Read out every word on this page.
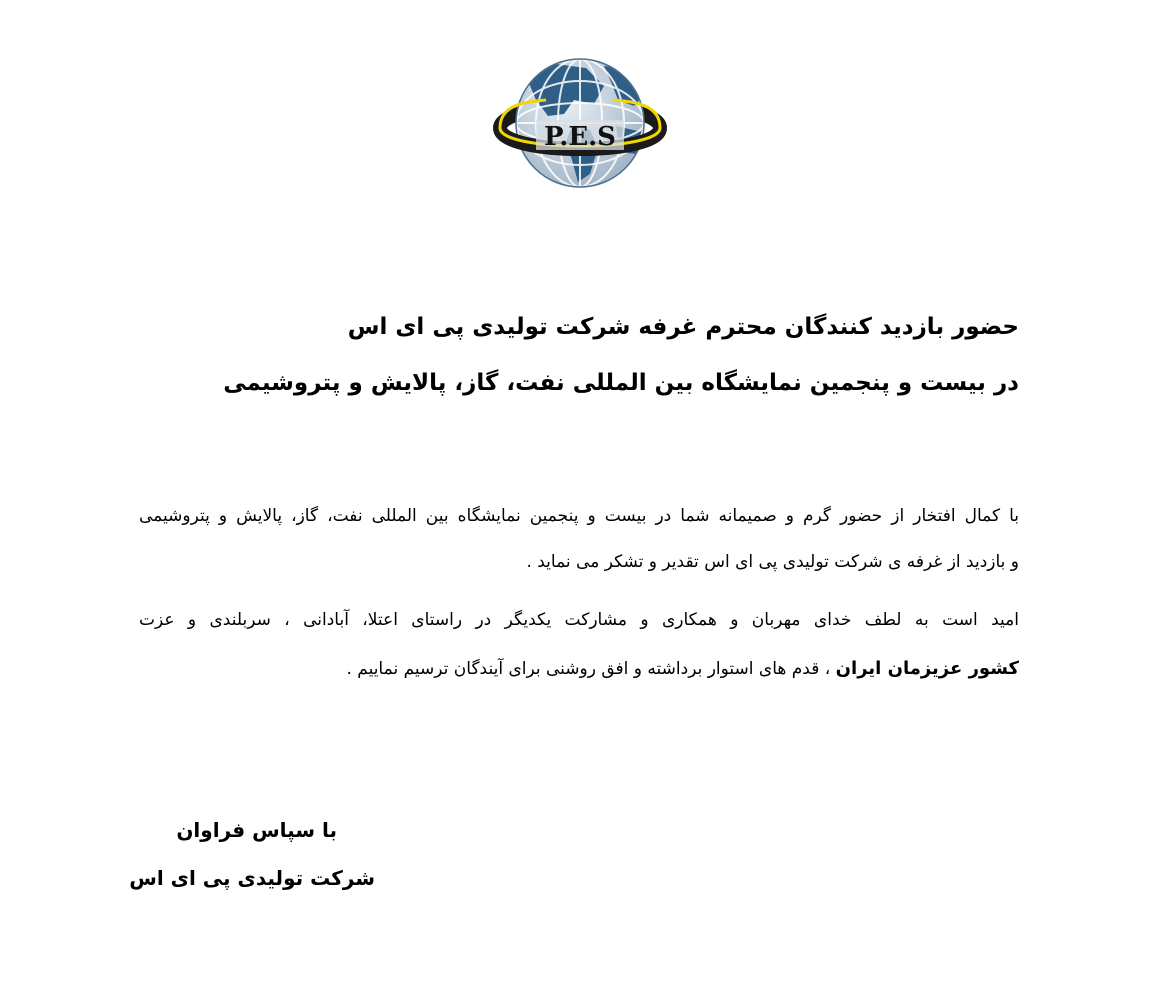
P.E.S
حضور بازدید کنندگان محترم غرفه شرکت تولیدی پی ای اس
در بیست و پنجمین نمایشگاه بین المللی نفت، گاز، پالایش و پتروشیمی
با کمال افتخار از حضور گرم و صمیمانه شما در بیست و پنجمین نمایشگاه بین المللی نفت، گاز، پالایش و پتروشیمی
و بازدید از غرفه ی شرکت تولیدی پی ای اس تقدیر و تشکر می نماید .
امید است به لطف خدای مهربان و همکاری و مشارکت یکدیگر در راستای اعتلا، آبادانی ، سربلندی و عزت
کشور عزیزمان ایران ، قدم های استوار برداشته و افق روشنی برای آیندگان ترسیم نماییم .
با سپاس فراوان
شرکت تولیدی پی ای اس
